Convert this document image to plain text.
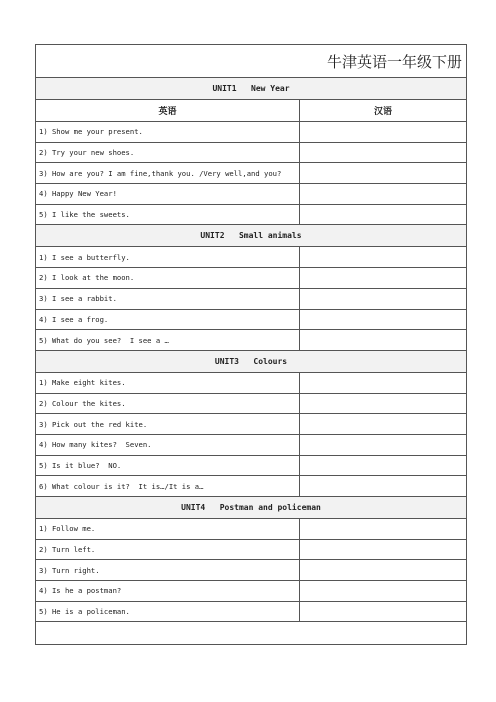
牛津英语一年级下册
UNIT1   New Year
英语	汉语
1) Show me your present.
2) Try your new shoes.
3) How are you? I am fine,thank you. /Very well,and you?
4) Happy New Year!
5) I like the sweets.
UNIT2   Small animals
1) I see a butterfly.
2) I look at the moon.
3) I see a rabbit.
4) I see a frog.
5) What do you see?  I see a …
UNIT3   Colours
1) Make eight kites.
2) Colour the kites.
3) Pick out the red kite.
4) How many kites?  Seven.
5) Is it blue?  NO.
6) What colour is it?  It is…/It is a…
UNIT4   Postman and policeman
1) Follow me.
2) Turn left.
3) Turn right.
4) Is he a postman?
5) He is a policeman.
